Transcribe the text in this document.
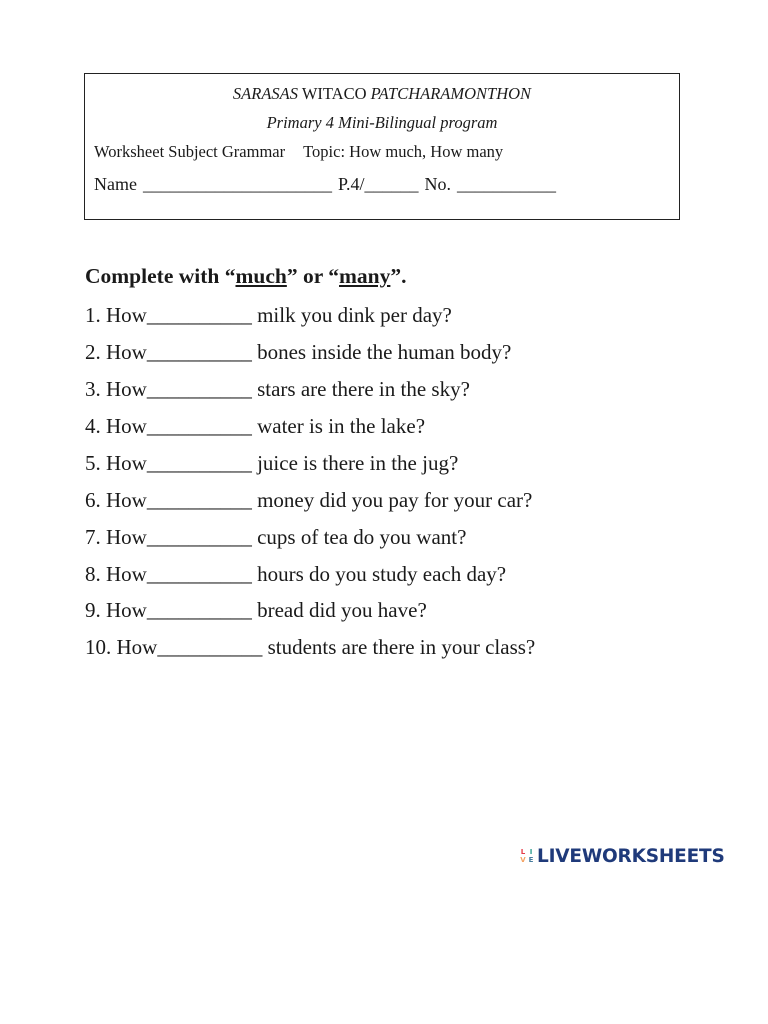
SARASAS WITACO PATCHARAMONTHON
Primary 4 Mini-Bilingual program
Worksheet Subject Grammar Topic: How much, How many
Name _____________________ P.4/______ No. ___________
Complete with “much” or “many”.
1. How__________ milk you dink per day?
2. How__________ bones inside the human body?
3. How__________ stars are there in the sky?
4. How__________ water is in the lake?
5. How__________ juice is there in the jug?
6. How__________ money did you pay for your car?
7. How__________ cups of tea do you want?
8. How__________ hours do you study each day?
9. How__________ bread did you have?
10. How__________ students are there in your class?
L I
V E LIVEWORKSHEETS
